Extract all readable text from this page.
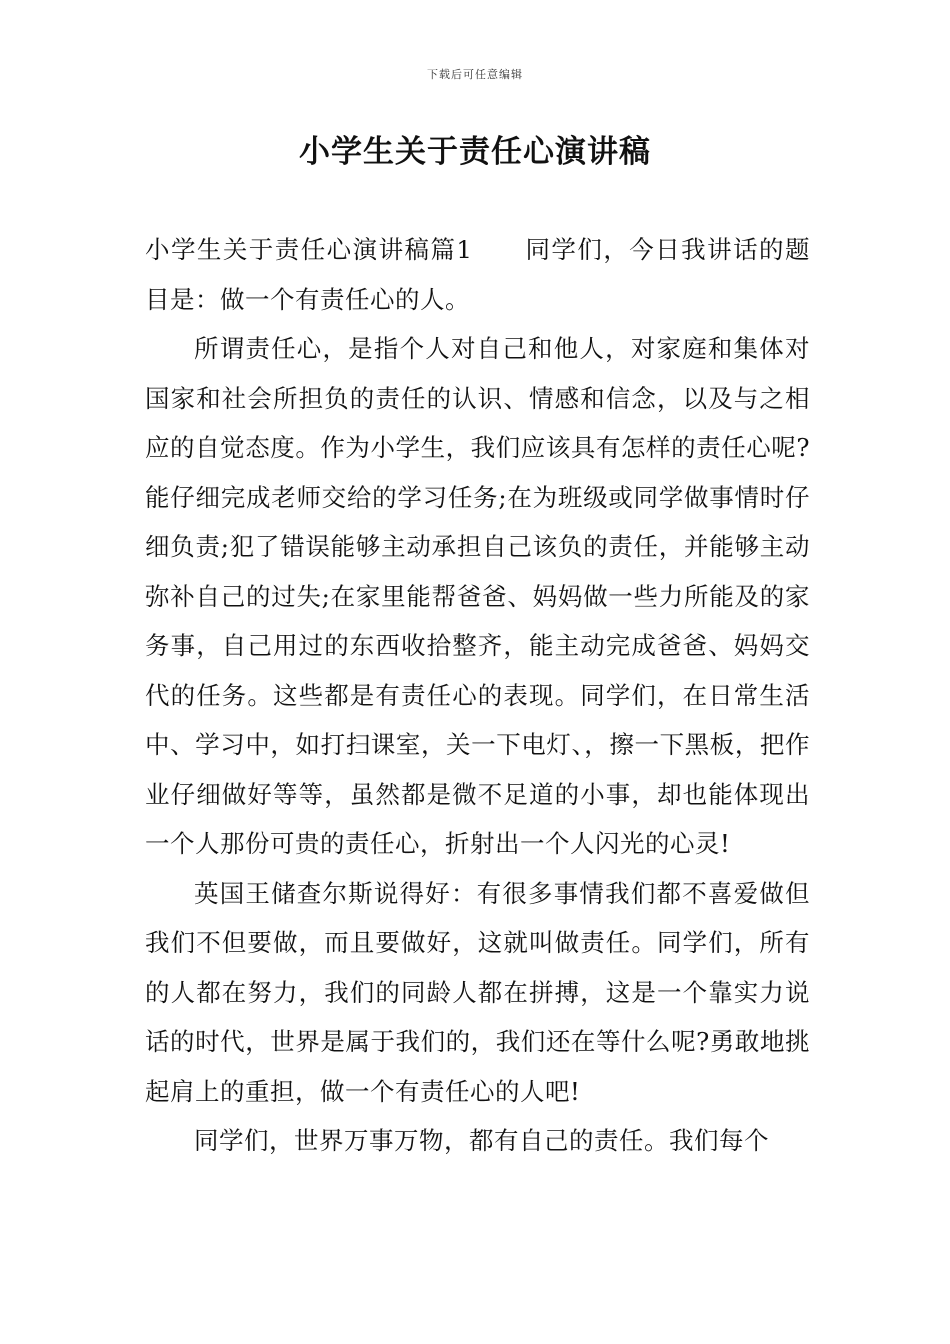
下载后可任意编辑
小学生关于责任心演讲稿

小学生关于责任心演讲稿篇1 同学们，今日我讲话的题目是：做一个有责任心的人。

所谓责任心，是指个人对自己和他人，对家庭和集体对国家和社会所担负的责任的认识、情感和信念，以及与之相应的自觉态度。作为小学生，我们应该具有怎样的责任心呢?能仔细完成老师交给的学习任务;在为班级或同学做事情时仔细负责;犯了错误能够主动承担自己该负的责任，并能够主动弥补自己的过失;在家里能帮爸爸、妈妈做一些力所能及的家务事，自己用过的东西收拾整齐，能主动完成爸爸、妈妈交代的任务。这些都是有责任心的表现。同学们，在日常生活中、学习中，如打扫课室，关一下电灯、，擦一下黑板，把作业仔细做好等等，虽然都是微不足道的小事，却也能体现出一个人那份可贵的责任心，折射出一个人闪光的心灵!

英国王储查尔斯说得好：有很多事情我们都不喜爱做但我们不但要做，而且要做好，这就叫做责任。同学们，所有的人都在努力，我们的同龄人都在拼搏，这是一个靠实力说话的时代，世界是属于我们的，我们还在等什么呢?勇敢地挑起肩上的重担，做一个有责任心的人吧!

同学们，世界万事万物，都有自己的责任。我们每个
